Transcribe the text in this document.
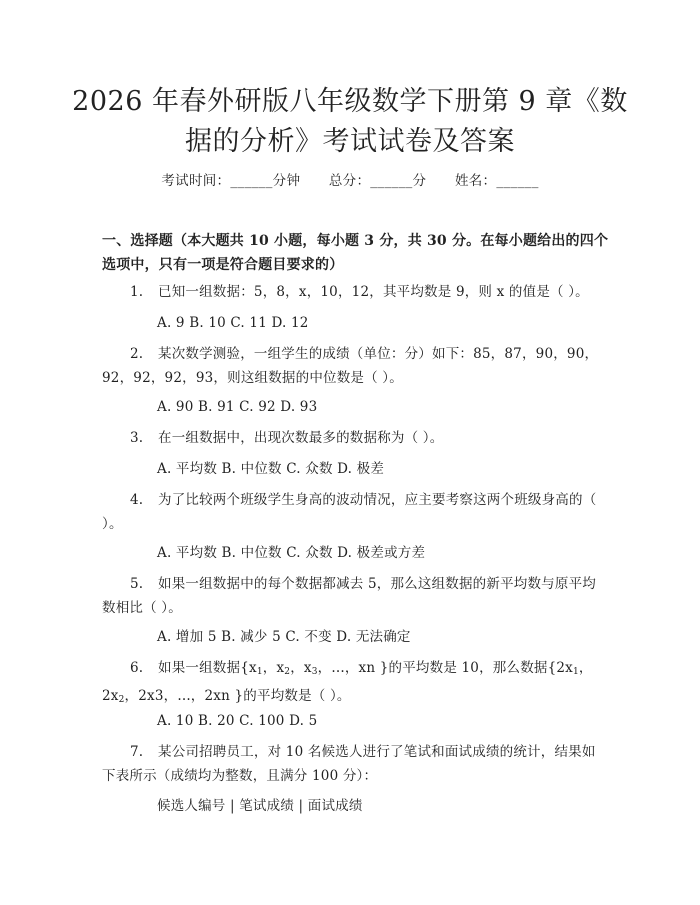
2026 年春外研版八年级数学下册第 9 章《数
据的分析》考试试卷及答案
考试时间：______分钟 总分：______分 姓名：______
一、选择题（本大题共 10 小题，每小题 3 分，共 30 分。在每小题给出的四个选项中，只有一项是符合题目要求的）
1. 已知一组数据：5，8，x，10，12，其平均数是 9，则 x 的值是（ ）。
A. 9 B. 10 C. 11 D. 12
2. 某次数学测验，一组学生的成绩（单位：分）如下：85，87，90，90，92，92，92，93，则这组数据的中位数是（ ）。
A. 90 B. 91 C. 92 D. 93
3. 在一组数据中，出现次数最多的数据称为（ ）。
A. 平均数 B. 中位数 C. 众数 D. 极差
4. 为了比较两个班级学生身高的波动情况，应主要考察这两个班级身高的（ ）。
A. 平均数 B. 中位数 C. 众数 D. 极差或方差
5. 如果一组数据中的每个数据都减去 5，那么这组数据的新平均数与原平均数相比（ ）。
A. 增加 5 B. 减少 5 C. 不变 D. 无法确定
6. 如果一组数据{$x_1$，$x_2$，$x_3$，...，xn }的平均数是 10，那么数据{$2x_1$，$2x_2$，2x3，...，2xn }的平均数是（ ）。
A. 10 B. 20 C. 100 D. 5
7. 某公司招聘员工，对 10 名候选人进行了笔试和面试成绩的统计，结果如下表所示（成绩均为整数，且满分 100 分）：
候选人编号 | 笔试成绩 | 面试成绩
